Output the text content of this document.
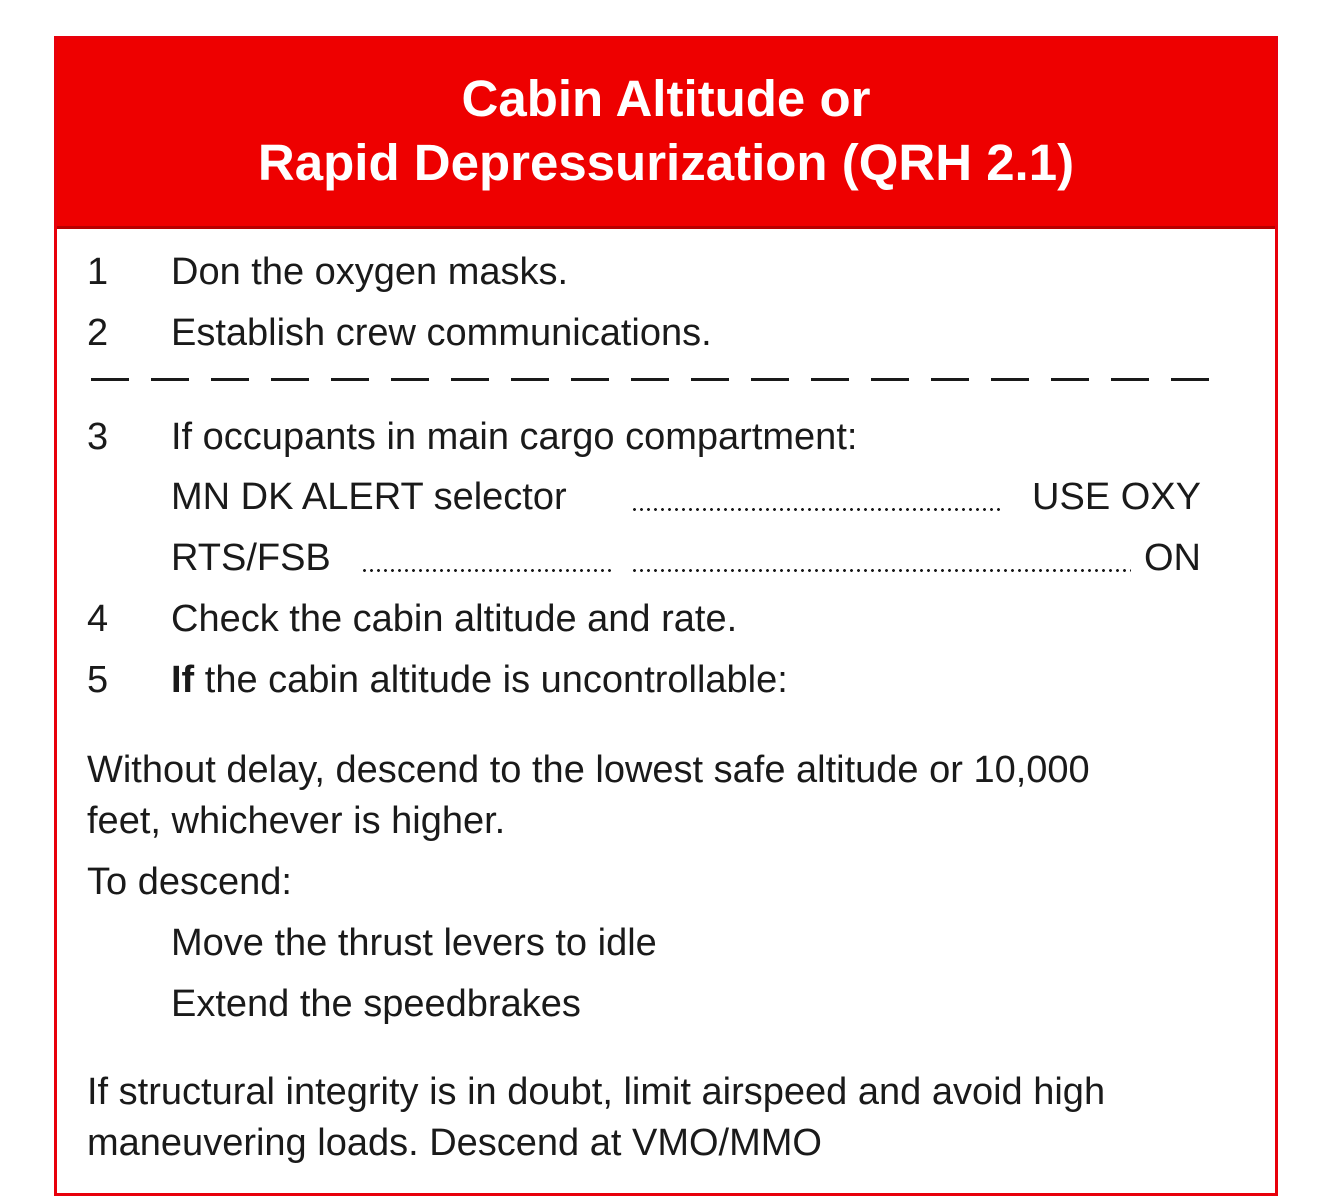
Cabin Altitude or
Rapid Depressurization (QRH 2.1)
1 Don the oxygen masks.
2 Establish crew communications.
3 If occupants in main cargo compartment:
MN DK ALERT selector	USE OXY
RTS/FSB	ON
4 Check the cabin altitude and rate.
5 If the cabin altitude is uncontrollable:
Without delay, descend to the lowest safe altitude or 10,000
feet, whichever is higher.
To descend:
Move the thrust levers to idle
Extend the speedbrakes
If structural integrity is in doubt, limit airspeed and avoid high
maneuvering loads. Descend at VMO/MMO
